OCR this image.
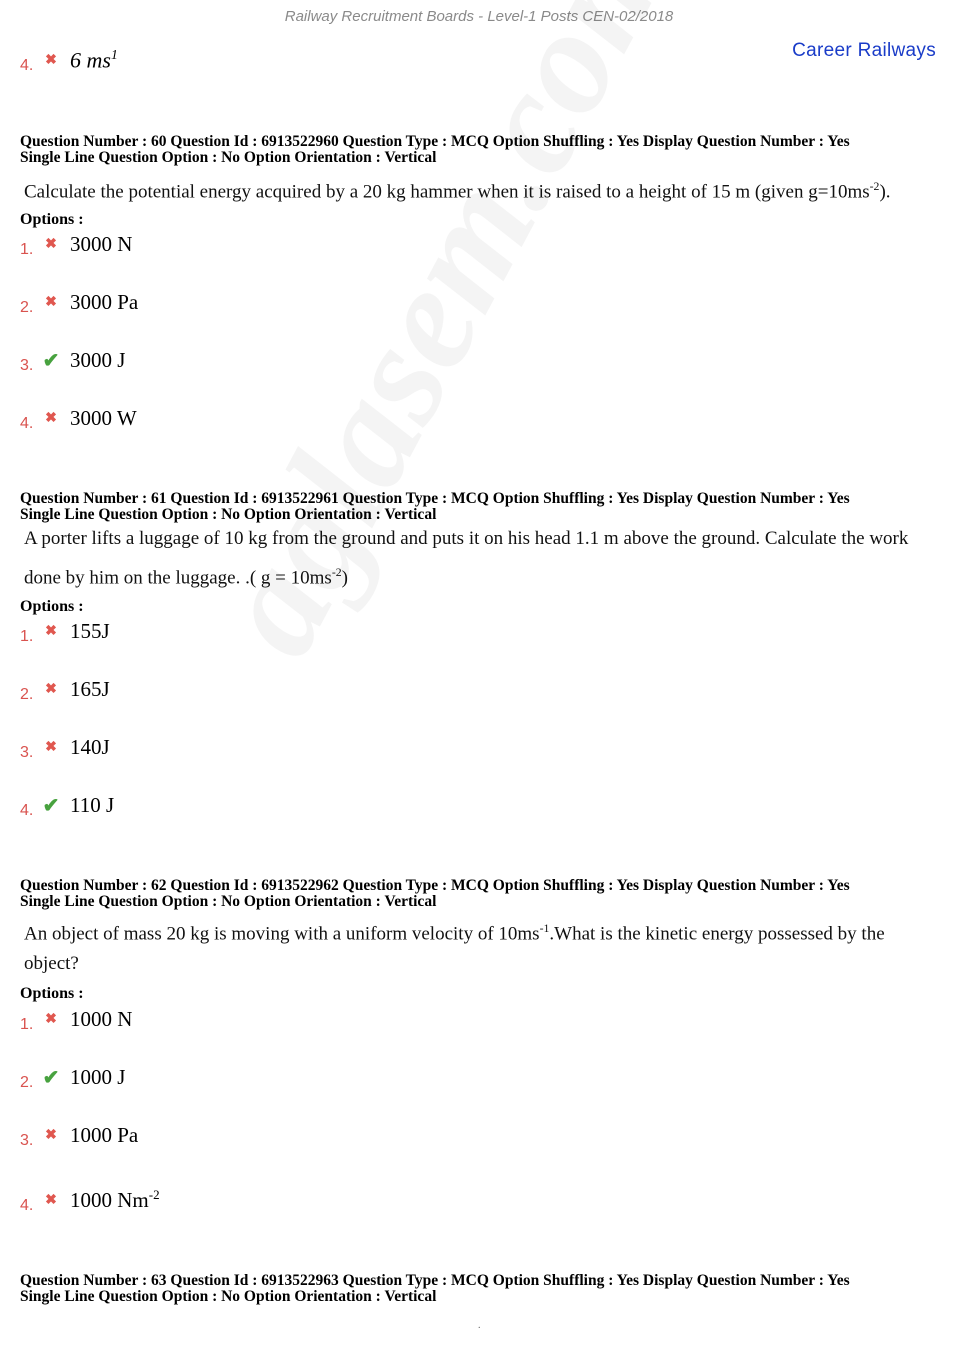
Railway Recruitment Boards - Level-1 Posts CEN-02/2018
Career Railways
4. ✖ 6 $ms^1$
Question Number : 60 Question Id : 6913522960 Question Type : MCQ Option Shuffling : Yes Display Question Number : Yes
Single Line Question Option : No Option Orientation : Vertical
Calculate the potential energy acquired by a 20 kg hammer when it is raised to a height of 15 m (given $g=10ms^{-2}$).
Options :
1. ✖ 3000 N
2. ✖ 3000 Pa
3. ✔ 3000 J
4. ✖ 3000 W
Question Number : 61 Question Id : 6913522961 Question Type : MCQ Option Shuffling : Yes Display Question Number : Yes
Single Line Question Option : No Option Orientation : Vertical
A porter lifts a luggage of 10 kg from the ground and puts it on his head 1.1 m above the ground. Calculate the work done by him on the luggage. .( $g = 10ms^{-2}$)
Options :
1. ✖ 155J
2. ✖ 165J
3. ✖ 140J
4. ✔ 110 J
Question Number : 62 Question Id : 6913522962 Question Type : MCQ Option Shuffling : Yes Display Question Number : Yes
Single Line Question Option : No Option Orientation : Vertical
An object of mass 20 kg is moving with a uniform velocity of $10ms^{-1}.What$ is the kinetic energy possessed by the object?
Options :
1. ✖ 1000 N
2. ✔ 1000 J
3. ✖ 1000 Pa
4. ✖ 1000 $Nm^{-2}$
Question Number : 63 Question Id : 6913522963 Question Type : MCQ Option Shuffling : Yes Display Question Number : Yes
Single Line Question Option : No Option Orientation : Vertical
.
